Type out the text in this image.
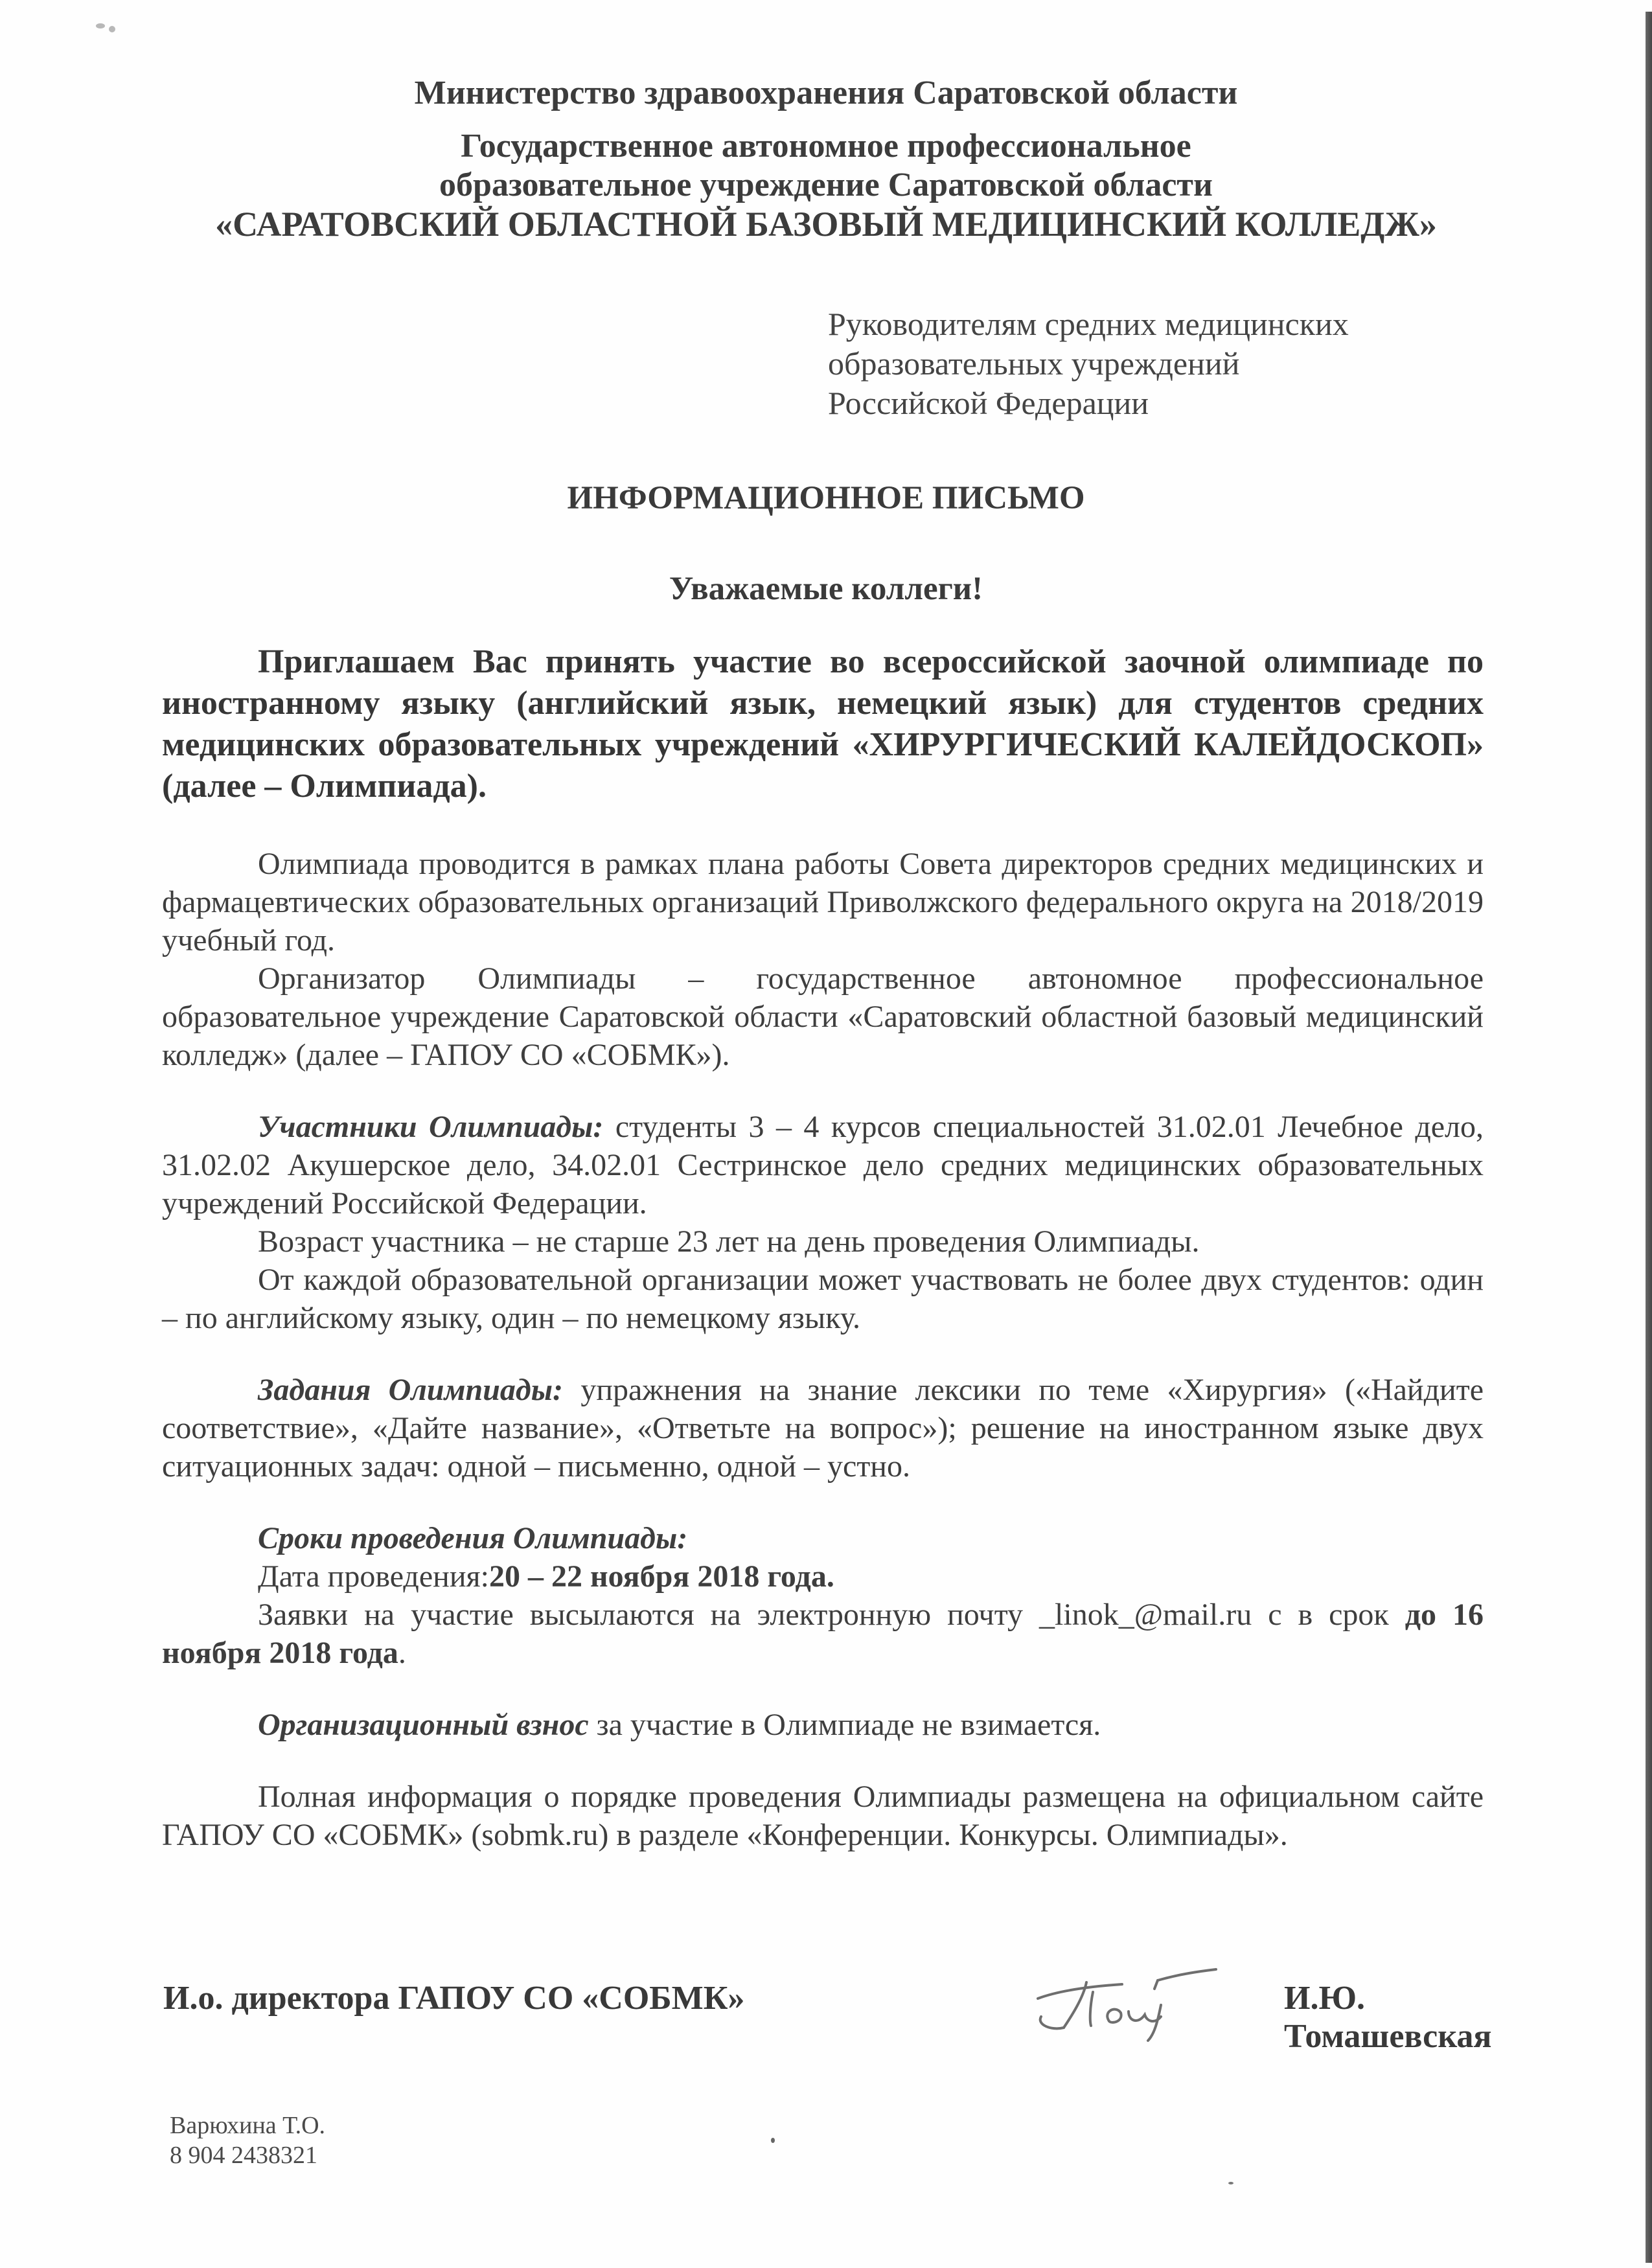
Министерство здравоохранения Саратовской области
Государственное автономное профессиональное
образовательное учреждение Саратовской области
«САРАТОВСКИЙ ОБЛАСТНОЙ БАЗОВЫЙ МЕДИЦИНСКИЙ КОЛЛЕДЖ»
Руководителям средних медицинских
образовательных учреждений
Российской Федерации
ИНФОРМАЦИОННОЕ ПИСЬМО
Уважаемые коллеги!

Приглашаем Вас принять участие во всероссийской заочной олимпиаде по иностранному языку (английский язык, немецкий язык) для студентов средних медицинских образовательных учреждений «ХИРУРГИЧЕСКИЙ КАЛЕЙДОСКОП» (далее – Олимпиада).

Олимпиада проводится в рамках плана работы Совета директоров средних медицинских и фармацевтических образовательных организаций Приволжского федерального округа на 2018/2019 учебный год.

Организатор Олимпиады – государственное автономное профессиональное образовательное учреждение Саратовской области «Саратовский областной базовый медицинский колледж» (далее – ГАПОУ СО «СОБМК»).

Участники Олимпиады: студенты 3 – 4 курсов специальностей 31.02.01 Лечебное дело, 31.02.02 Акушерское дело, 34.02.01 Сестринское дело средних медицинских образовательных учреждений Российской Федерации.

Возраст участника – не старше 23 лет на день проведения Олимпиады.

От каждой образовательной организации может участвовать не более двух студентов: один – по английскому языку, один – по немецкому языку.

Задания Олимпиады: упражнения на знание лексики по теме «Хирургия» («Найдите соответствие», «Дайте название», «Ответьте на вопрос»); решение на иностранном языке двух ситуационных задач: одной – письменно, одной – устно.

Сроки проведения Олимпиады:

Дата проведения:20 – 22 ноября 2018 года.

Заявки на участие высылаются на электронную почту _linok_@mail.ru с в срок до 16 ноября 2018 года.

Организационный взнос за участие в Олимпиаде не взимается.

Полная информация о порядке проведения Олимпиады размещена на официальном сайте ГАПОУ СО «СОБМК» (sobmk.ru) в разделе «Конференции. Конкурсы. Олимпиады».

И.о. директора ГАПОУ СО «СОБМК»	И.Ю. Томашевская
Варюхина Т.О.
8 904 2438321
